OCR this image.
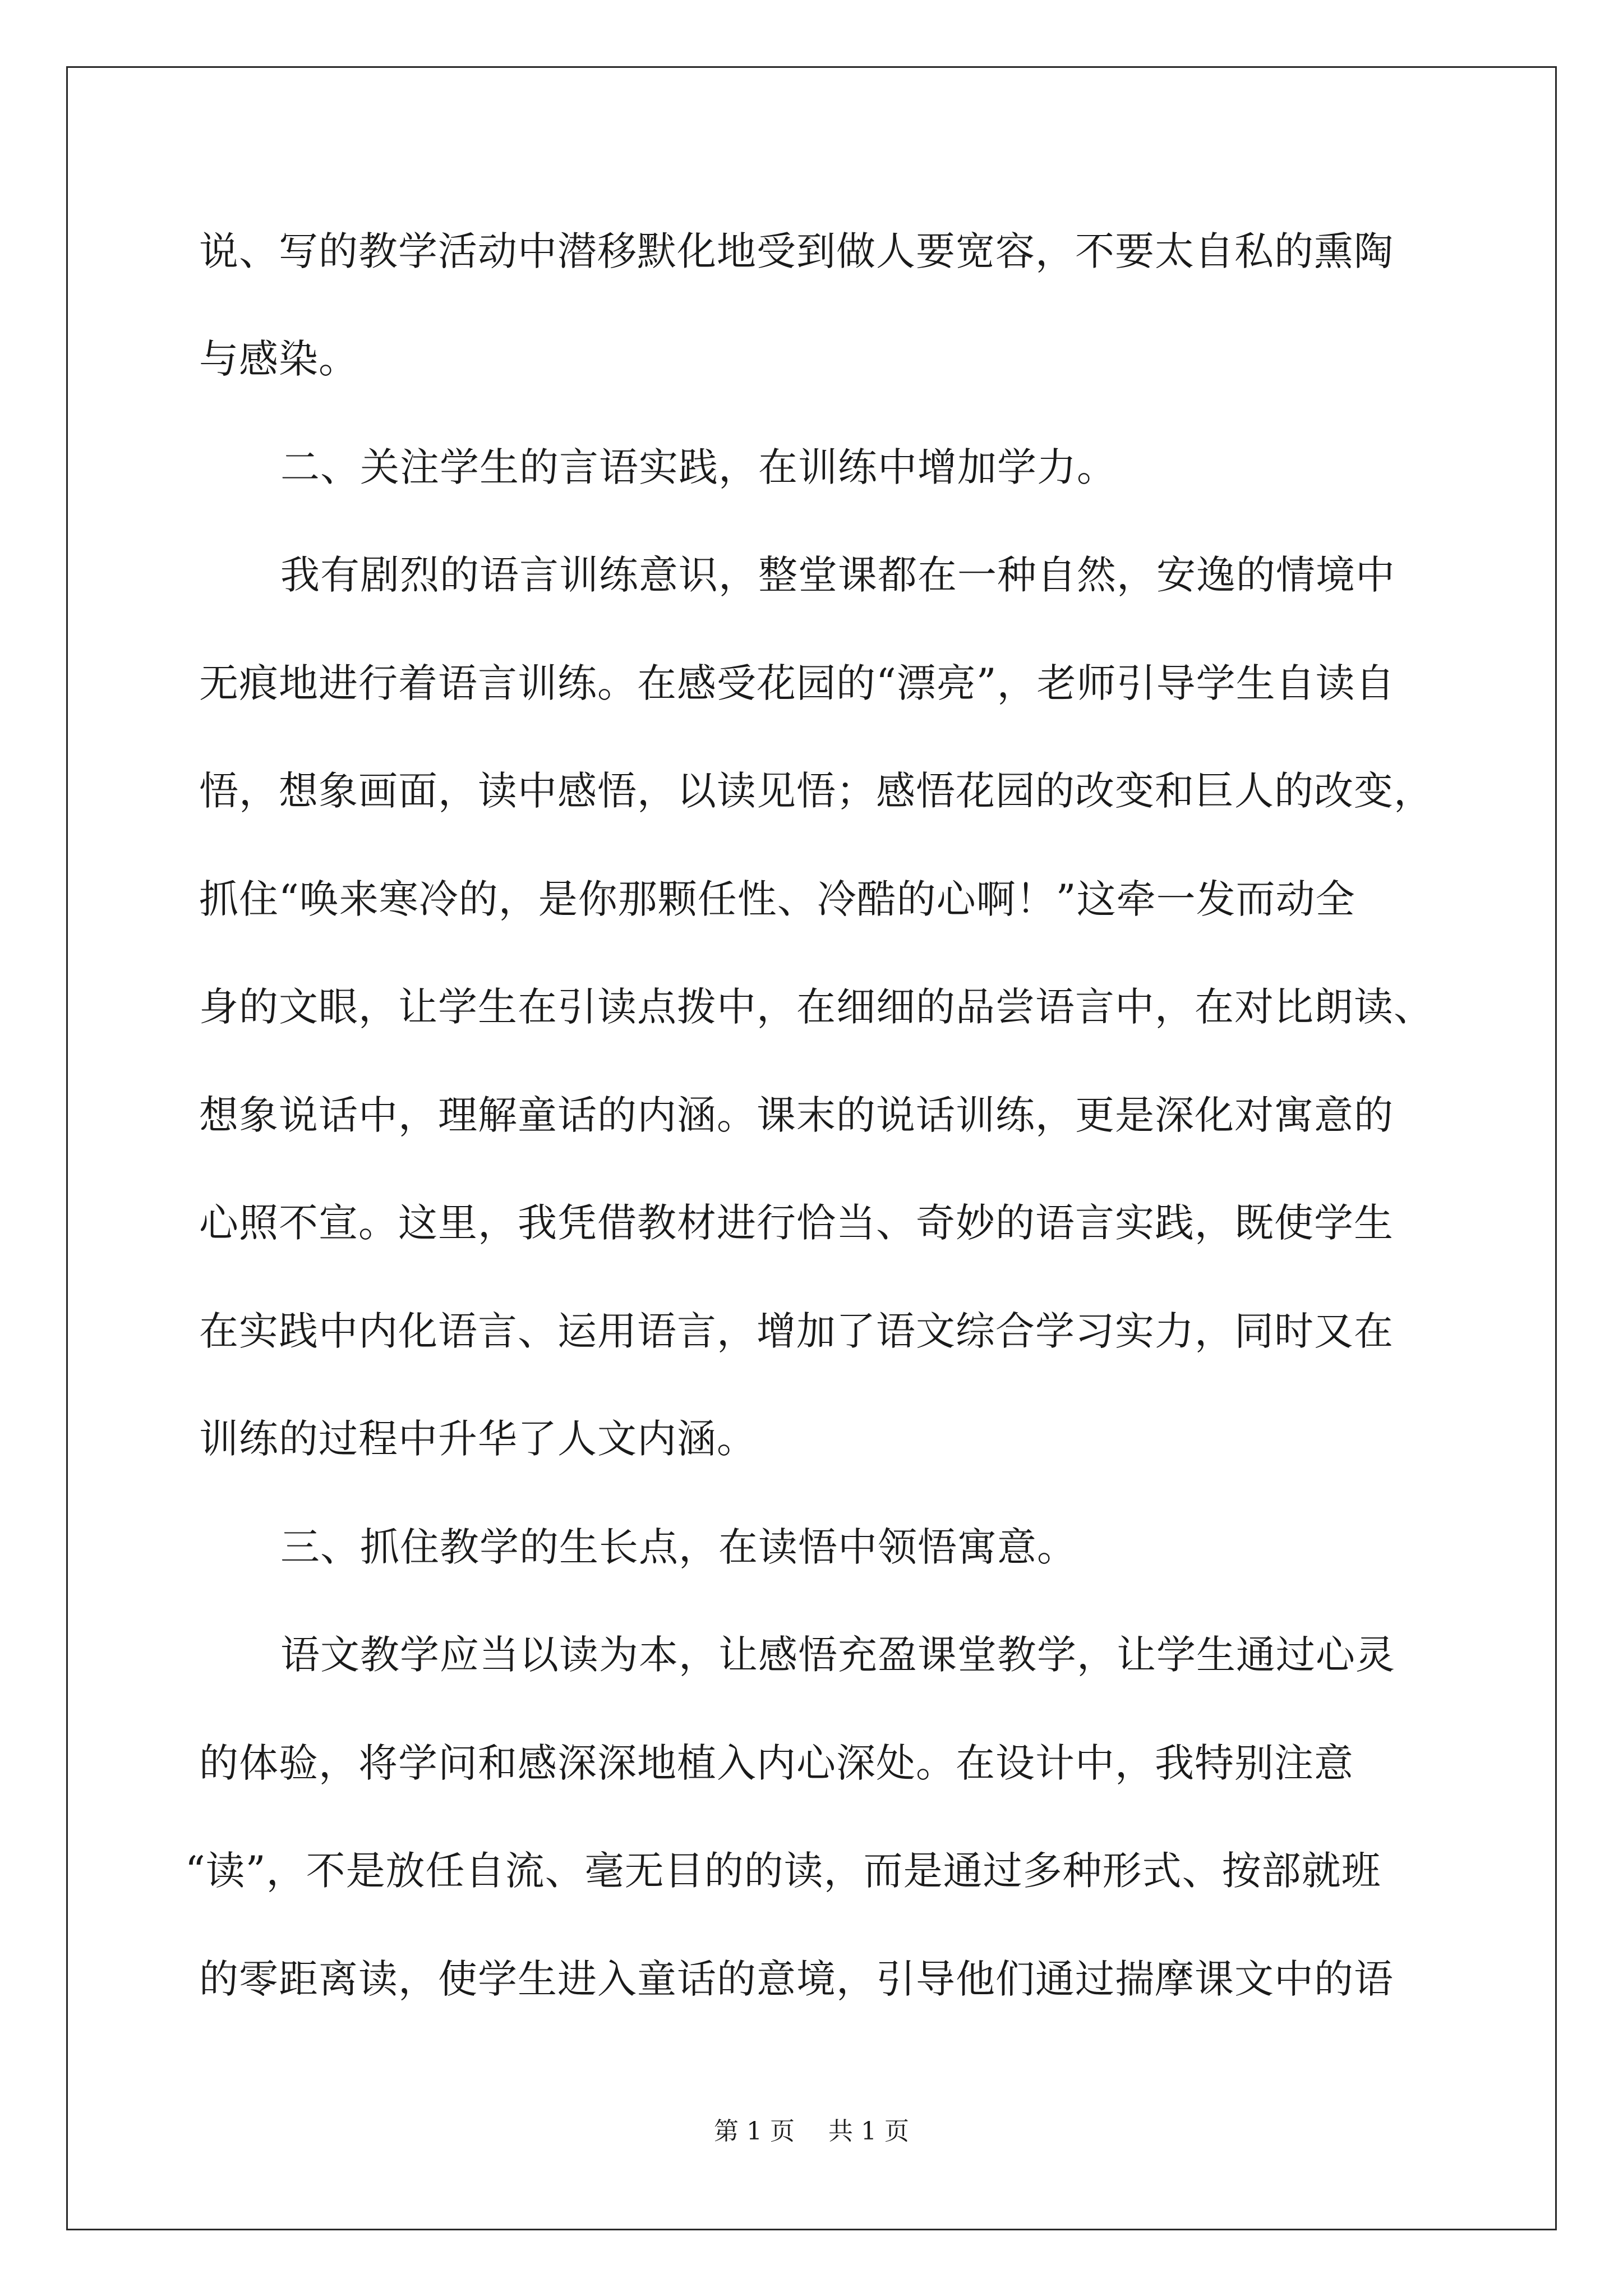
说、写的教学活动中潜移默化地受到做人要宽容，不要太自私的熏陶
与感染。
二、关注学生的言语实践，在训练中增加学力。
我有剧烈的语言训练意识，整堂课都在一种自然，安逸的情境中
无痕地进行着语言训练。在感受花园的“漂亮”，老师引导学生自读自
悟，想象画面，读中感悟，以读见悟；感悟花园的改变和巨人的改变，
抓住“唤来寒冷的，是你那颗任性、冷酷的心啊！”这牵一发而动全
身的文眼，让学生在引读点拨中，在细细的品尝语言中，在对比朗读、
想象说话中，理解童话的内涵。课末的说话训练，更是深化对寓意的
心照不宣。这里，我凭借教材进行恰当、奇妙的语言实践，既使学生
在实践中内化语言、运用语言，增加了语文综合学习实力，同时又在
训练的过程中升华了人文内涵。
三、抓住教学的生长点，在读悟中领悟寓意。
语文教学应当以读为本，让感悟充盈课堂教学，让学生通过心灵
的体验，将学问和感深深地植入内心深处。在设计中，我特别注意
“读”，不是放任自流、毫无目的的读，而是通过多种形式、按部就班
的零距离读，使学生进入童话的意境，引导他们通过揣摩课文中的语
第 1 页 共 1 页
